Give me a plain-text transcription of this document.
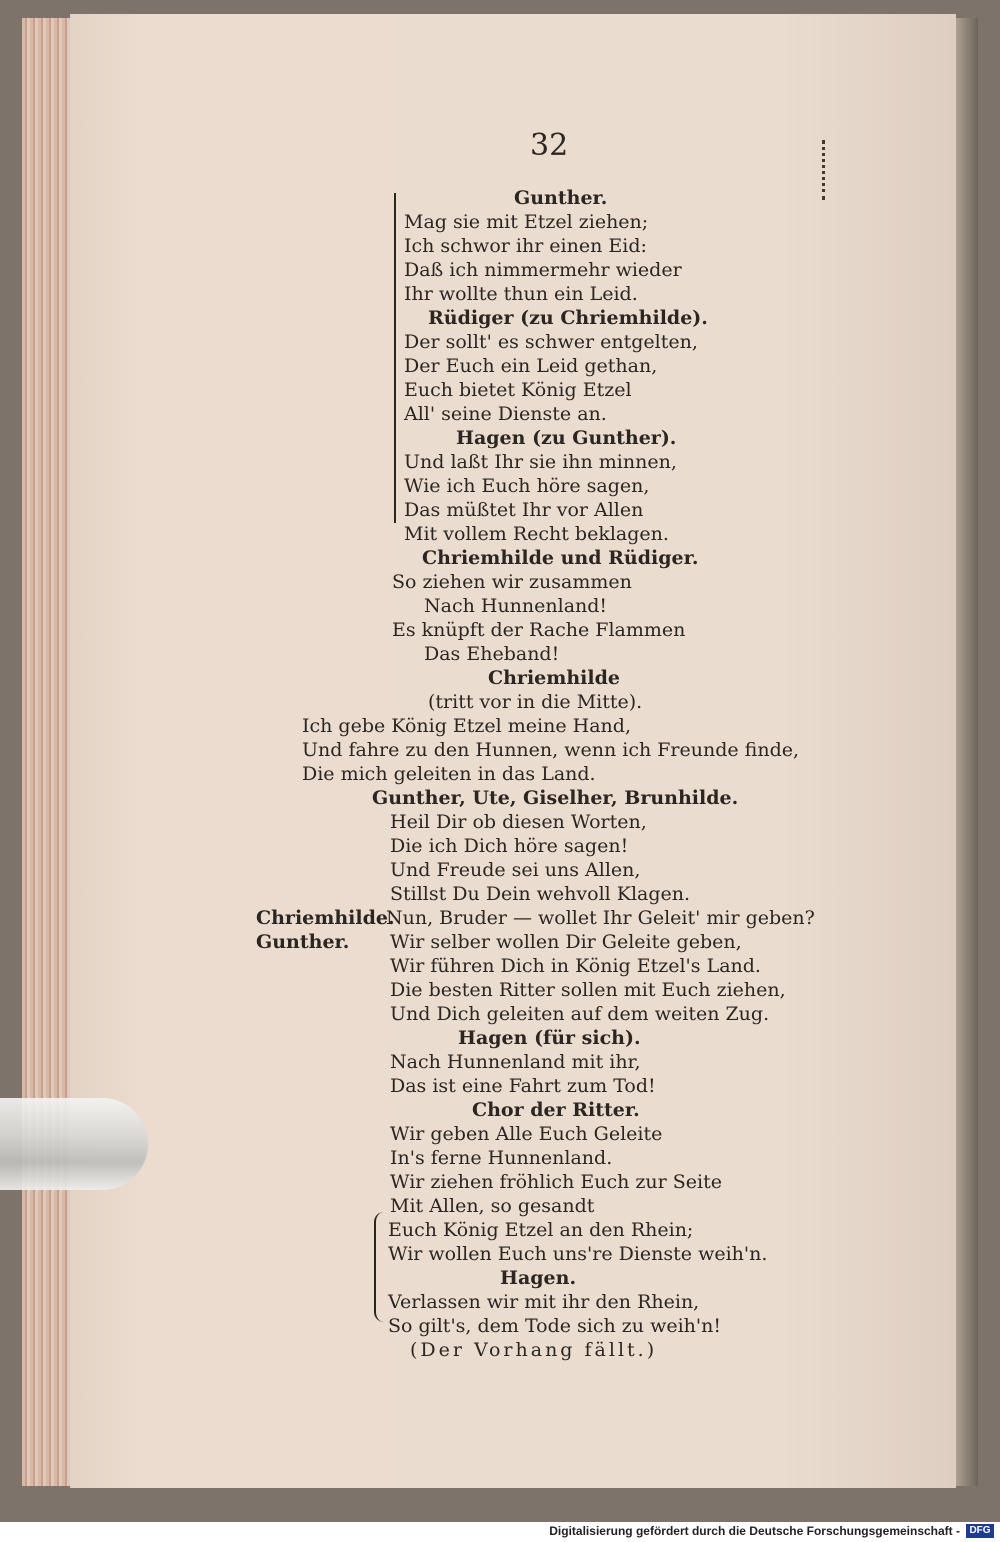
32
Gunther.
Mag sie mit Etzel ziehen;
Ich schwor ihr einen Eid:
Daß ich nimmermehr wieder
Ihr wollte thun ein Leid.
Rüdiger (zu Chriemhilde).
Der sollt' es schwer entgelten,
Der Euch ein Leid gethan,
Euch bietet König Etzel
All' seine Dienste an.
Hagen (zu Gunther).
Und laßt Ihr sie ihn minnen,
Wie ich Euch höre sagen,
Das müßtet Ihr vor Allen
Mit vollem Recht beklagen.
Chriemhilde und Rüdiger.
So ziehen wir zusammen
Nach Hunnenland!
Es knüpft der Rache Flammen
Das Eheband!
Chriemhilde
(tritt vor in die Mitte).
Ich gebe König Etzel meine Hand,
Und fahre zu den Hunnen, wenn ich Freunde finde,
Die mich geleiten in das Land.
Gunther, Ute, Giselher, Brunhilde.
Heil Dir ob diesen Worten,
Die ich Dich höre sagen!
Und Freude sei uns Allen,
Stillst Du Dein wehvoll Klagen.
Chriemhilde.
Nun, Bruder — wollet Ihr Geleit' mir geben?
Gunther. Wir selber wollen Dir Geleite geben,
Wir führen Dich in König Etzel's Land.
Die besten Ritter sollen mit Euch ziehen,
Und Dich geleiten auf dem weiten Zug.
Hagen (für sich).
Nach Hunnenland mit ihr,
Das ist eine Fahrt zum Tod!
Chor der Ritter.
Wir geben Alle Euch Geleite
In's ferne Hunnenland.
Wir ziehen fröhlich Euch zur Seite
Mit Allen, so gesandt
Euch König Etzel an den Rhein;
Wir wollen Euch uns're Dienste weih'n.
Hagen.
Verlassen wir mit ihr den Rhein,
So gilt's, dem Tode sich zu weih'n!
(Der Vorhang fällt.)
Digitalisierung gefördert durch die Deutsche Forschungsgemeinschaft - DFG
